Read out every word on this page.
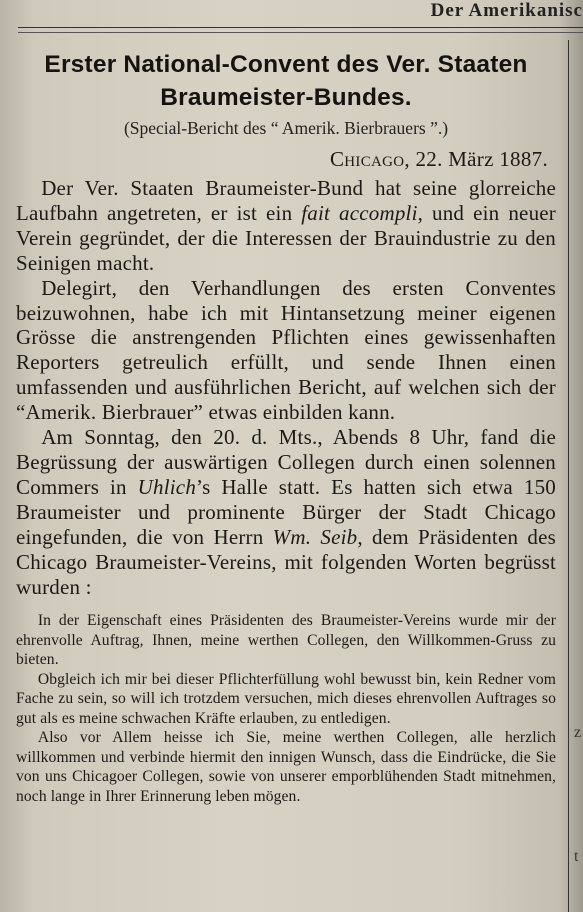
Der Amerikanisc
z
t
Erster National-Convent des Ver. Staaten Braumeister-Bundes.
(Special-Bericht des “ Amerik. Bierbrauers ”.)
Chicago, 22. März 1887.

Der Ver. Staaten Braumeister-Bund hat seine glorreiche Laufbahn angetreten, er ist ein fait accompli, und ein neuer Verein gegründet, der die Interessen der Brauindustrie zu den Seinigen macht.

Delegirt, den Verhandlungen des ersten Conventes beizuwohnen, habe ich mit Hintansetzung meiner eigenen Grösse die anstrengenden Pflichten eines gewissenhaften Reporters getreulich erfüllt, und sende Ihnen einen umfassenden und ausführlichen Bericht, auf welchen sich der “Amerik. Bierbrauer” etwas einbilden kann.

Am Sonntag, den 20. d. Mts., Abends 8 Uhr, fand die Begrüssung der auswärtigen Collegen durch einen solennen Commers in Uhlich’s Halle statt. Es hatten sich etwa 150 Braumeister und prominente Bürger der Stadt Chicago eingefunden, die von Herrn Wm. Seib, dem Präsidenten des Chicago Braumeister-Vereins, mit folgenden Worten begrüsst wurden :

In der Eigenschaft eines Präsidenten des Braumeister-Vereins wurde mir der ehrenvolle Auftrag, Ihnen, meine werthen Collegen, den Willkommen-Gruss zu bieten.

Obgleich ich mir bei dieser Pflichterfüllung wohl bewusst bin, kein Redner vom Fache zu sein, so will ich trotzdem versuchen, mich dieses ehrenvollen Auftrages so gut als es meine schwachen Kräfte erlauben, zu entledigen.

Also vor Allem heisse ich Sie, meine werthen Collegen, alle herzlich willkommen und verbinde hiermit den innigen Wunsch, dass die Eindrücke, die Sie von uns Chicagoer Collegen, sowie von unserer emporblühenden Stadt mitnehmen, noch lange in Ihrer Erinnerung leben mögen.
